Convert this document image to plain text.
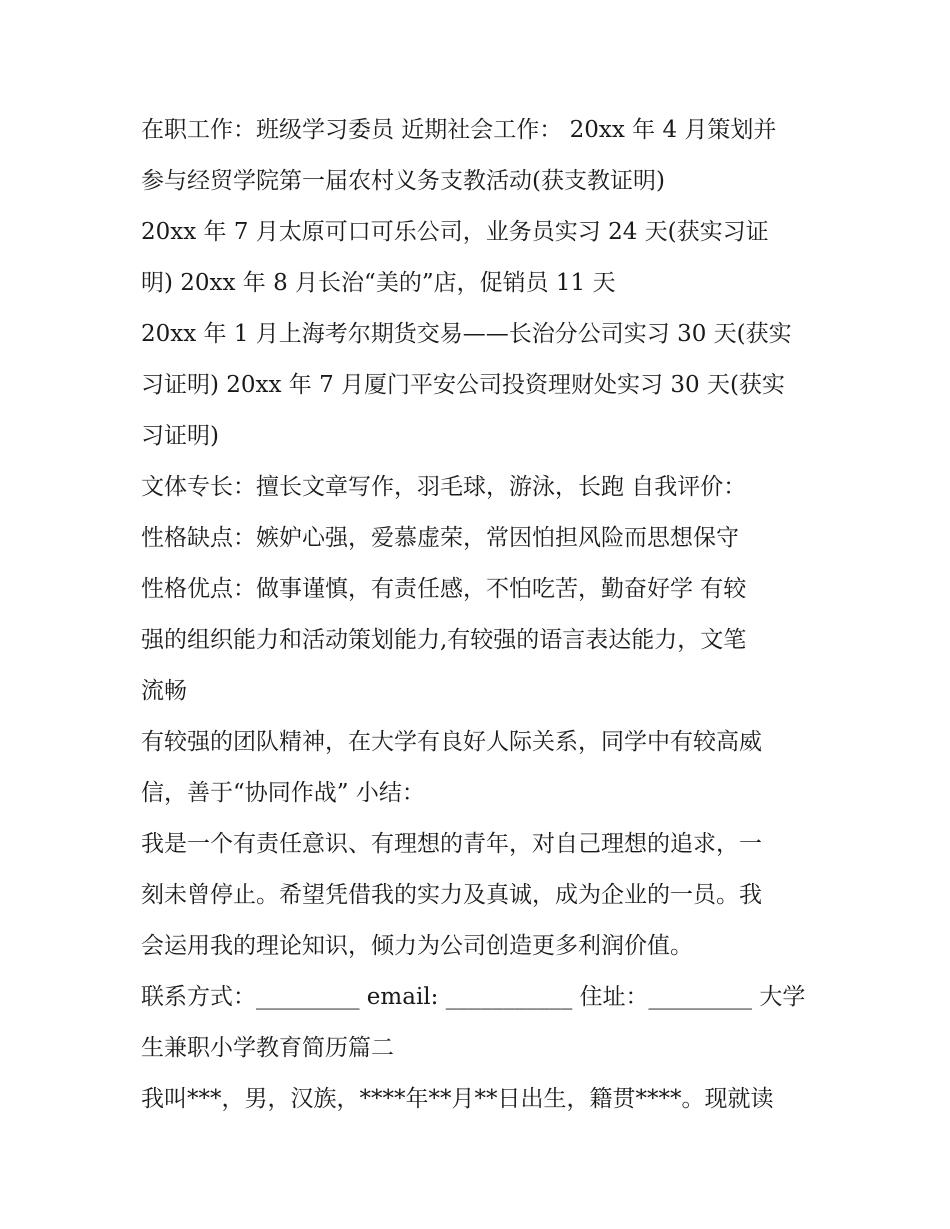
在职工作：班级学习委员 近期社会工作： 20xx 年 4 月策划并
参与经贸学院第一届农村义务支教活动(获支教证明)
20xx 年 7 月太原可口可乐公司，业务员实习 24 天(获实习证
明) 20xx 年 8 月长治“美的”店，促销员 11 天
20xx 年 1 月上海考尔期货交易——长治分公司实习 30 天(获实
习证明) 20xx 年 7 月厦门平安公司投资理财处实习 30 天(获实
习证明)
文体专长：擅长文章写作，羽毛球，游泳，长跑 自我评价：
性格缺点：嫉妒心强，爱慕虚荣，常因怕担风险而思想保守
性格优点：做事谨慎，有责任感，不怕吃苦，勤奋好学 有较
强的组织能力和活动策划能力,有较强的语言表达能力，文笔
流畅
有较强的团队精神，在大学有良好人际关系，同学中有较高威
信，善于“协同作战” 小结：
我是一个有责任意识、有理想的青年，对自己理想的追求，一
刻未曾停止。希望凭借我的实力及真诚，成为企业的一员。我
会运用我的理论知识，倾力为公司创造更多利润价值。
联系方式：_________ email: ___________ 住址：_________ 大学
生兼职小学教育简历篇二
我叫***，男，汉族，****年**月**日出生，籍贯****。现就读
